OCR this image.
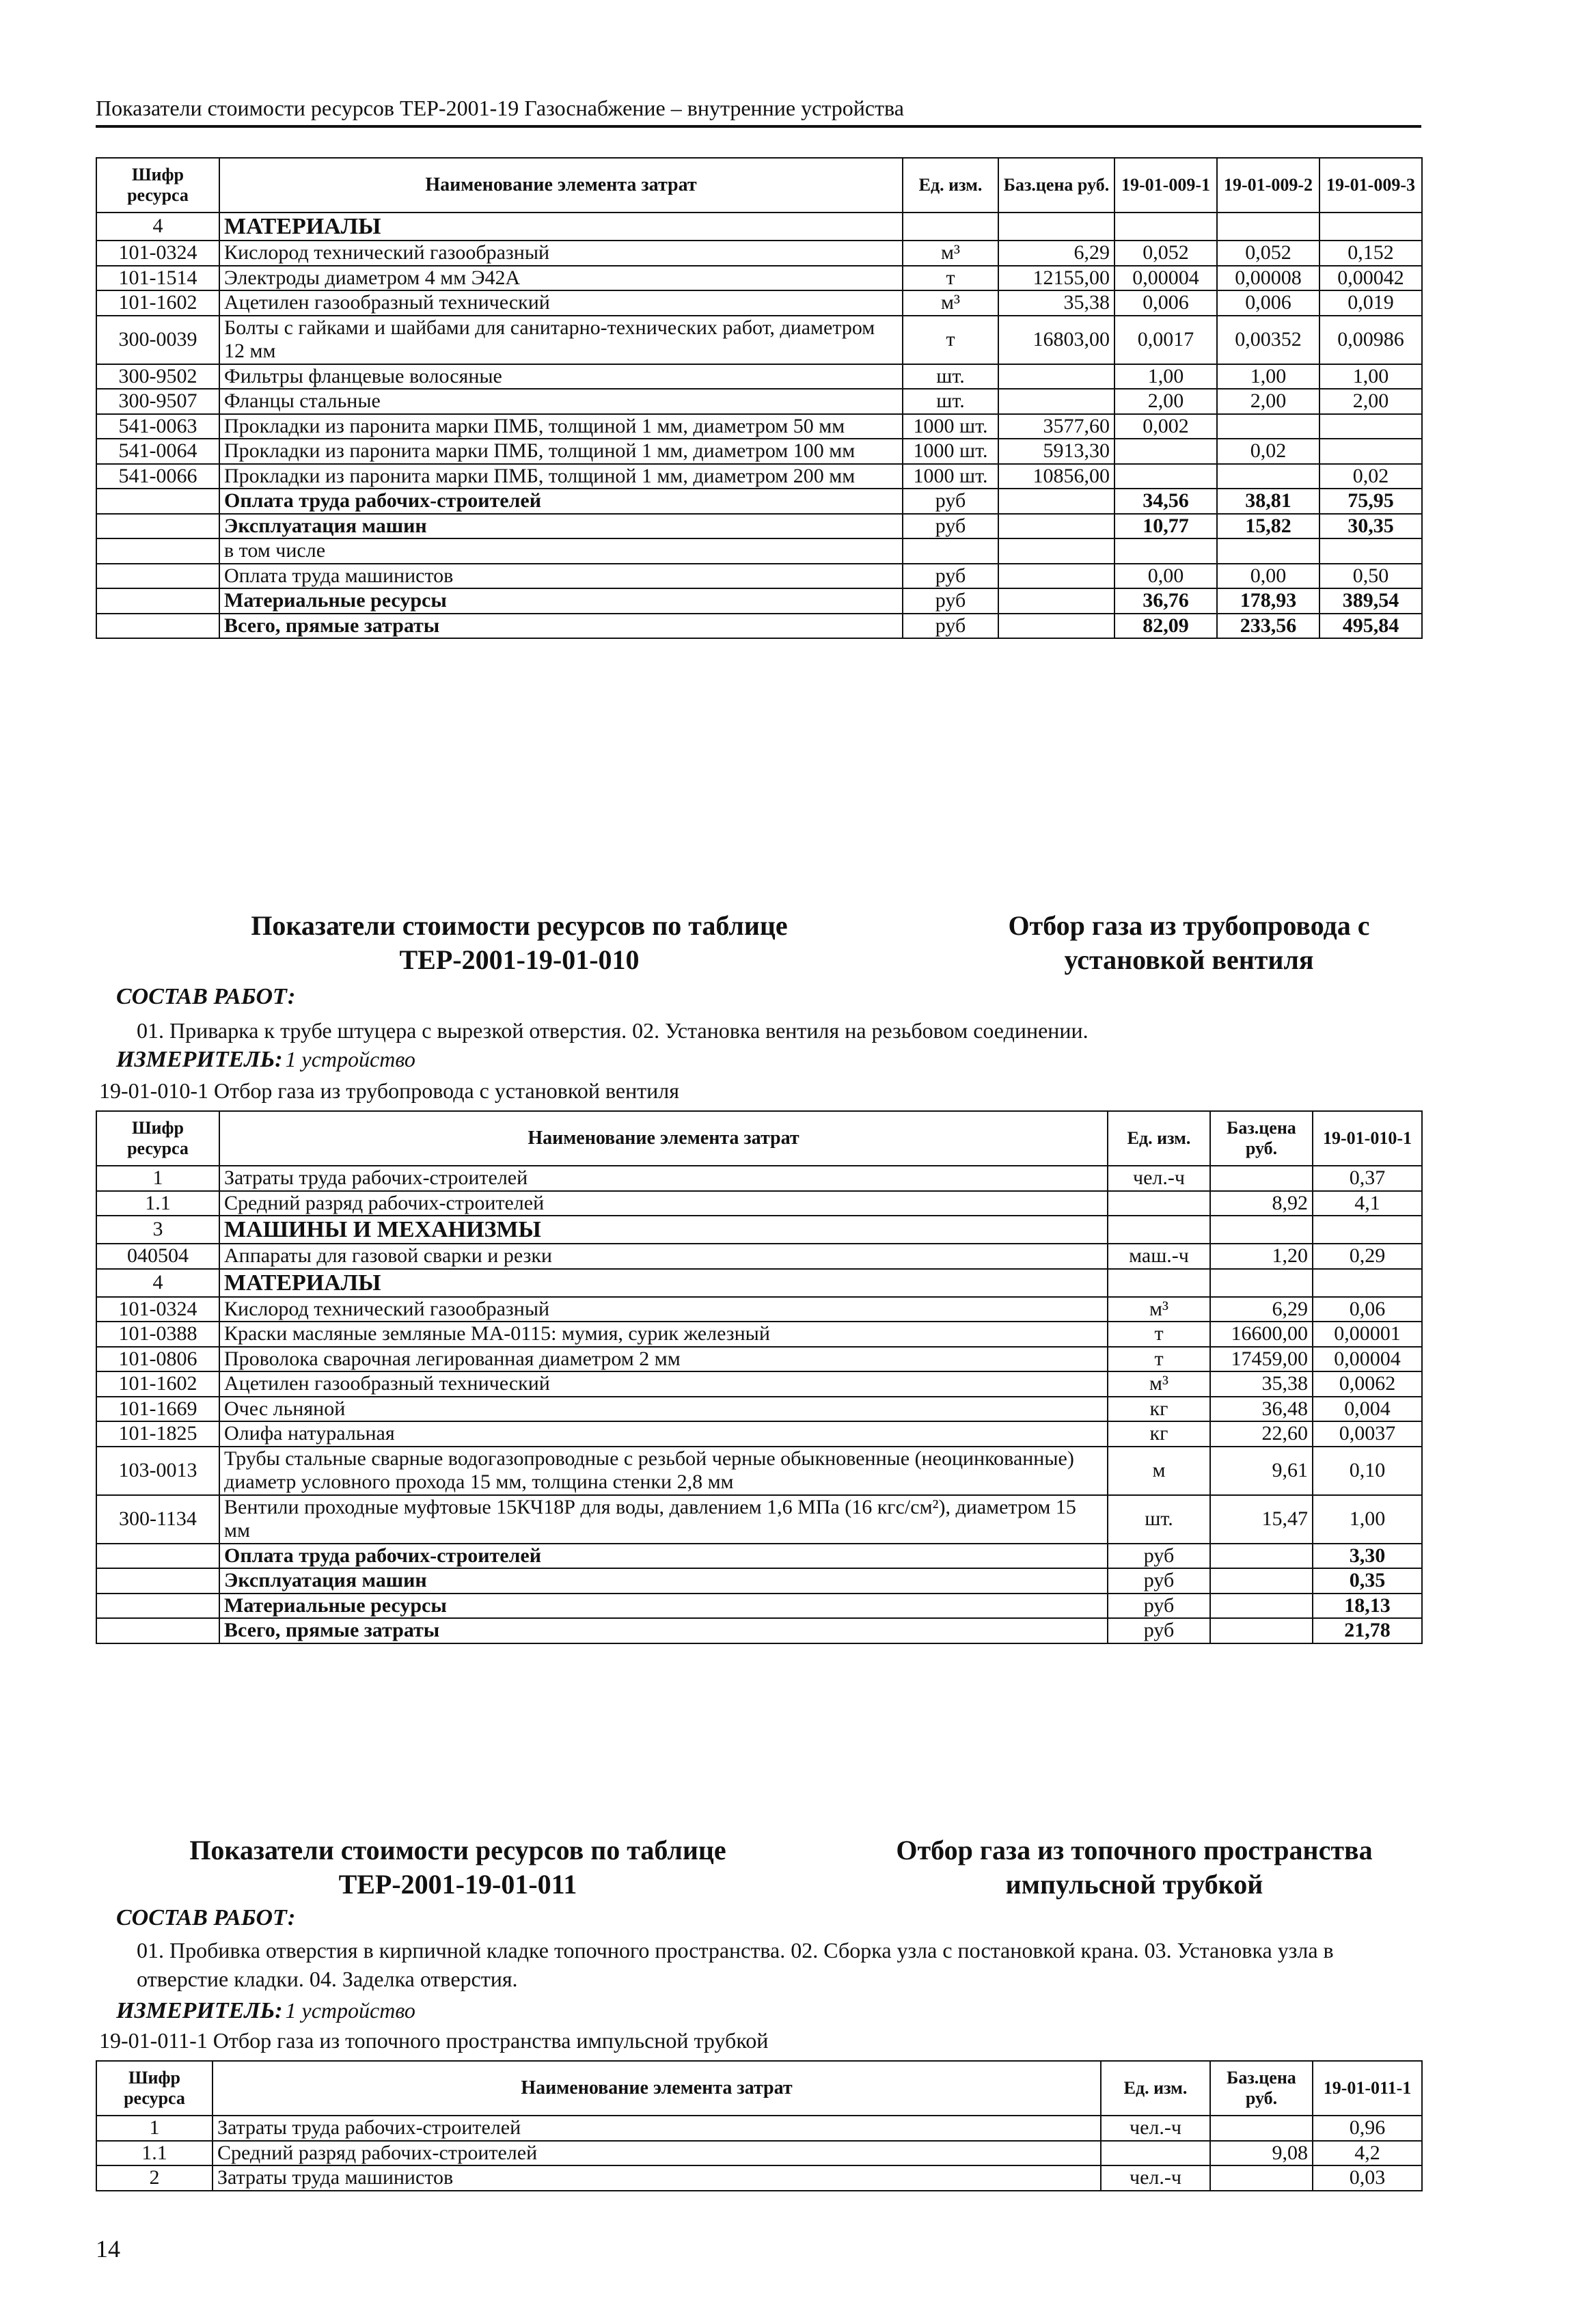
Показатели стоимости ресурсов ТЕР-2001-19 Газоснабжение – внутренние устройства
Шифр ресурса	Наименование элемента затрат	Ед. изм.	Баз.цена руб.	19-01-009-1	19-01-009-2	19-01-009-3
4	МАТЕРИАЛЫ					
101-0324	Кислород технический газообразный	м³	6,29	0,052	0,052	0,152
101-1514	Электроды диаметром 4 мм Э42А	т	12155,00	0,00004	0,00008	0,00042
101-1602	Ацетилен газообразный технический	м³	35,38	0,006	0,006	0,019
300-0039	Болты с гайками и шайбами для санитарно-технических работ, диаметром 12 мм	т	16803,00	0,0017	0,00352	0,00986
300-9502	Фильтры фланцевые волосяные	шт.		1,00	1,00	1,00
300-9507	Фланцы стальные	шт.		2,00	2,00	2,00
541-0063	Прокладки из паронита марки ПМБ, толщиной 1 мм, диаметром 50 мм	1000 шт.	3577,60	0,002		
541-0064	Прокладки из паронита марки ПМБ, толщиной 1 мм, диаметром 100 мм	1000 шт.	5913,30		0,02	
541-0066	Прокладки из паронита марки ПМБ, толщиной 1 мм, диаметром 200 мм	1000 шт.	10856,00			0,02
	Оплата труда рабочих-строителей	руб		34,56	38,81	75,95
	Эксплуатация машин	руб		10,77	15,82	30,35
	в том числе					
	Оплата труда машинистов	руб		0,00	0,00	0,50
	Материальные ресурсы	руб		36,76	178,93	389,54
	Всего, прямые затраты	руб		82,09	233,56	495,84
Показатели стоимости ресурсов по таблице ТЕР-2001-19-01-010
Отбор газа из трубопровода с установкой вентиля
СОСТАВ РАБОТ:
01. Приварка к трубе штуцера с вырезкой отверстия. 02. Установка вентиля на резьбовом соединении.
ИЗМЕРИТЕЛЬ: 1 устройство
19-01-010-1 Отбор газа из трубопровода с установкой вентиля
Шифр ресурса	Наименование элемента затрат	Ед. изм.	Баз.цена руб.	19-01-010-1
1	Затраты труда рабочих-строителей	чел.-ч		0,37
1.1	Средний разряд рабочих-строителей		8,92	4,1
3	МАШИНЫ И МЕХАНИЗМЫ			
040504	Аппараты для газовой сварки и резки	маш.-ч	1,20	0,29
4	МАТЕРИАЛЫ			
101-0324	Кислород технический газообразный	м³	6,29	0,06
101-0388	Краски масляные земляные МА-0115: мумия, сурик железный	т	16600,00	0,00001
101-0806	Проволока сварочная легированная диаметром 2 мм	т	17459,00	0,00004
101-1602	Ацетилен газообразный технический	м³	35,38	0,0062
101-1669	Очес льняной	кг	36,48	0,004
101-1825	Олифа натуральная	кг	22,60	0,0037
103-0013	Трубы стальные сварные водогазопроводные с резьбой черные обыкновенные (неоцинкованные) диаметр условного прохода 15 мм, толщина стенки 2,8 мм	м	9,61	0,10
300-1134	Вентили проходные муфтовые 15КЧ18Р для воды, давлением 1,6 МПа (16 кгс/см²), диаметром 15 мм	шт.	15,47	1,00
	Оплата труда рабочих-строителей	руб		3,30
	Эксплуатация машин	руб		0,35
	Материальные ресурсы	руб		18,13
	Всего, прямые затраты	руб		21,78
Показатели стоимости ресурсов по таблице ТЕР-2001-19-01-011
Отбор газа из топочного пространства импульсной трубкой
СОСТАВ РАБОТ:
01. Пробивка отверстия в кирпичной кладке топочного пространства. 02. Сборка узла с постановкой крана. 03. Установка узла в отверстие кладки. 04. Заделка отверстия.
ИЗМЕРИТЕЛЬ: 1 устройство
19-01-011-1 Отбор газа из топочного пространства импульсной трубкой
Шифр ресурса	Наименование элемента затрат	Ед. изм.	Баз.цена руб.	19-01-011-1
1	Затраты труда рабочих-строителей	чел.-ч		0,96
1.1	Средний разряд рабочих-строителей		9,08	4,2
2	Затраты труда машинистов	чел.-ч		0,03
14
